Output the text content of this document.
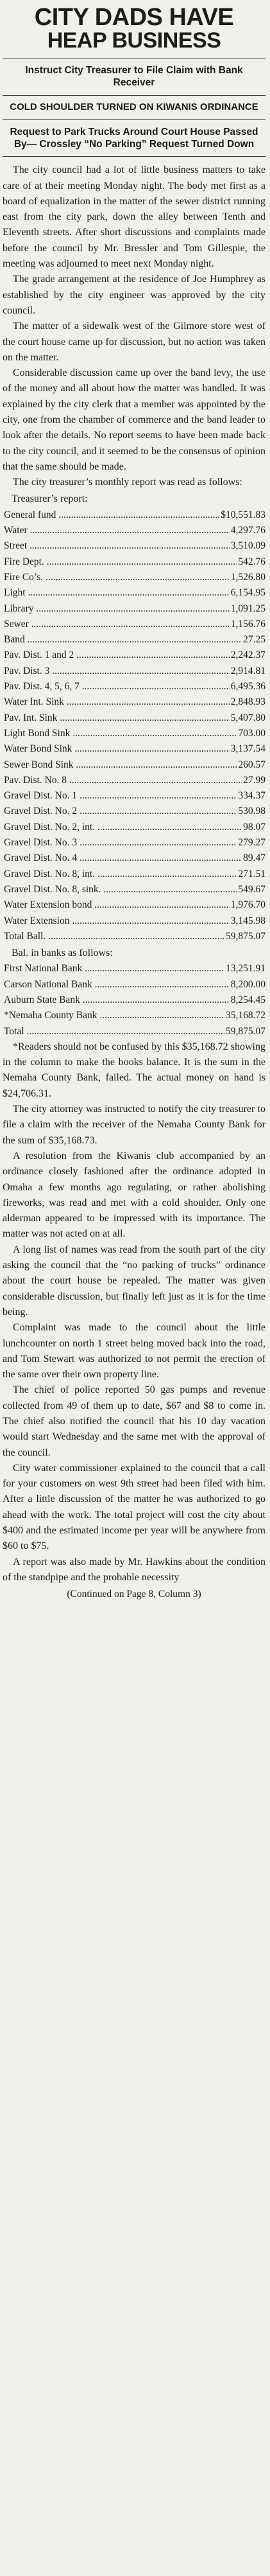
CITY DADS HAVE
HEAP BUSINESS
Instruct City Treasurer to File Claim with Bank Receiver
COLD SHOULDER TURNED ON KIWANIS ORDINANCE
Request to Park Trucks Around Court House Passed By— Crossley “No Parking” Request Turned Down

The city council had a lot of little business matters to take care of at their meeting Monday night. The body met first as a board of equalization in the matter of the sewer district running east from the city park, down the alley between Tenth and Eleventh streets. After short discussions and complaints made before the council by Mr. Bressler and Tom Gillespie, the meeting was adjourned to meet next Monday night.

The grade arrangement at the residence of Joe Humphrey as established by the city engineer was approved by the city council.

The matter of a sidewalk west of the Gilmore store west of the court house came up for discussion, but no action was taken on the matter.

Considerable discussion came up over the band levy, the use of the money and all about how the matter was handled. It was explained by the city clerk that a member was appointed by the city, one from the chamber of commerce and the band leader to look after the details. No report seems to have been made back to the city council, and it seemed to be the consensus of opinion that the same should be made.

The city treasurer’s monthly report was read as follows:

Treasurer’s report:
General fund .....	$10,551.83
Water .....	4,297.76
Street .....	3,510.09
Fire Dept. .....	542.76
Fire Co’s. .....	1,526.80
Light .....	6,154.95
Library .....	1,091.25
Sewer .....	1,156.76
Band .....	27.25
Pav. Dist. 1 and 2 .....	2,242.37
Pav. Dist. 3 .....	2,914.81
Pav. Dist. 4, 5, 6, 7 .....	6,495.36
Water Int. Sink .....	2,848.93
Pav. Int. Sink .....	5,407.80
Light Bond Sink .....	703.00
Water Bond Sink .....	3,137.54
Sewer Bond Sink .....	260.57
Pav. Dist. No. 8 .....	27.99
Gravel Dist. No. 1 .....	334.37
Gravel Dist. No. 2 .....	530.98
Gravel Dist. No. 2, int. .....	98.07
Gravel Dist. No. 3 .....	279.27
Gravel Dist. No. 4 .....	89.47
Gravel Dist. No. 8, int. .....	271.51
Gravel Dist. No. 8, sink. .....	549.67
Water Extension bond .....	1,976.70
Water Extension .....	3,145.98
Total Ball. .....	59,875.07
Bal. in banks as follows:
First National Bank .....	13,251.91
Carson National Bank .....	8,200.00
Auburn State Bank .....	8,254.45
*Nemaha County Bank .....	35,168.72
Total .....	59,875.07

*Readers should not be confused by this $35,168.72 showing in the column to make the books balance. It is the sum in the Nemaha County Bank, failed. The actual money on hand is $24,706.31.

The city attorney was instructed to notify the city treasurer to file a claim with the receiver of the Nemaha County Bank for the sum of $35,168.73.

A resolution from the Kiwanis club accompanied by an ordinance closely fashioned after the ordinance adopted in Omaha a few months ago regulating, or rather abolishing fireworks, was read and met with a cold shoulder. Only one alderman appeared to be impressed with its importance. The matter was not acted on at all.

A long list of names was read from the south part of the city asking the council that the “no parking of trucks” ordinance about the court house be repealed. The matter was given considerable discussion, but finally left just as it is for the time being.

Complaint was made to the council about the little lunchcounter on north 1 street being moved back into the road, and Tom Stewart was authorized to not permit the erection of the same over their own property line.

The chief of police reported 50 gas pumps and revenue collected from 49 of them up to date, $67 and $8 to come in. The chief also notified the council that his 10 day vacation would start Wednesday and the same met with the approval of the council.

City water commissioner explained to the council that a call for your customers on west 9th street had been filed with him. After a little discussion of the matter he was authorized to go ahead with the work. The total project will cost the city about $400 and the estimated income per year will be anywhere from $60 to $75.

A report was also made by Mr. Hawkins about the condition of the standpipe and the probable necessity

(Continued on Page 8, Column 3)
